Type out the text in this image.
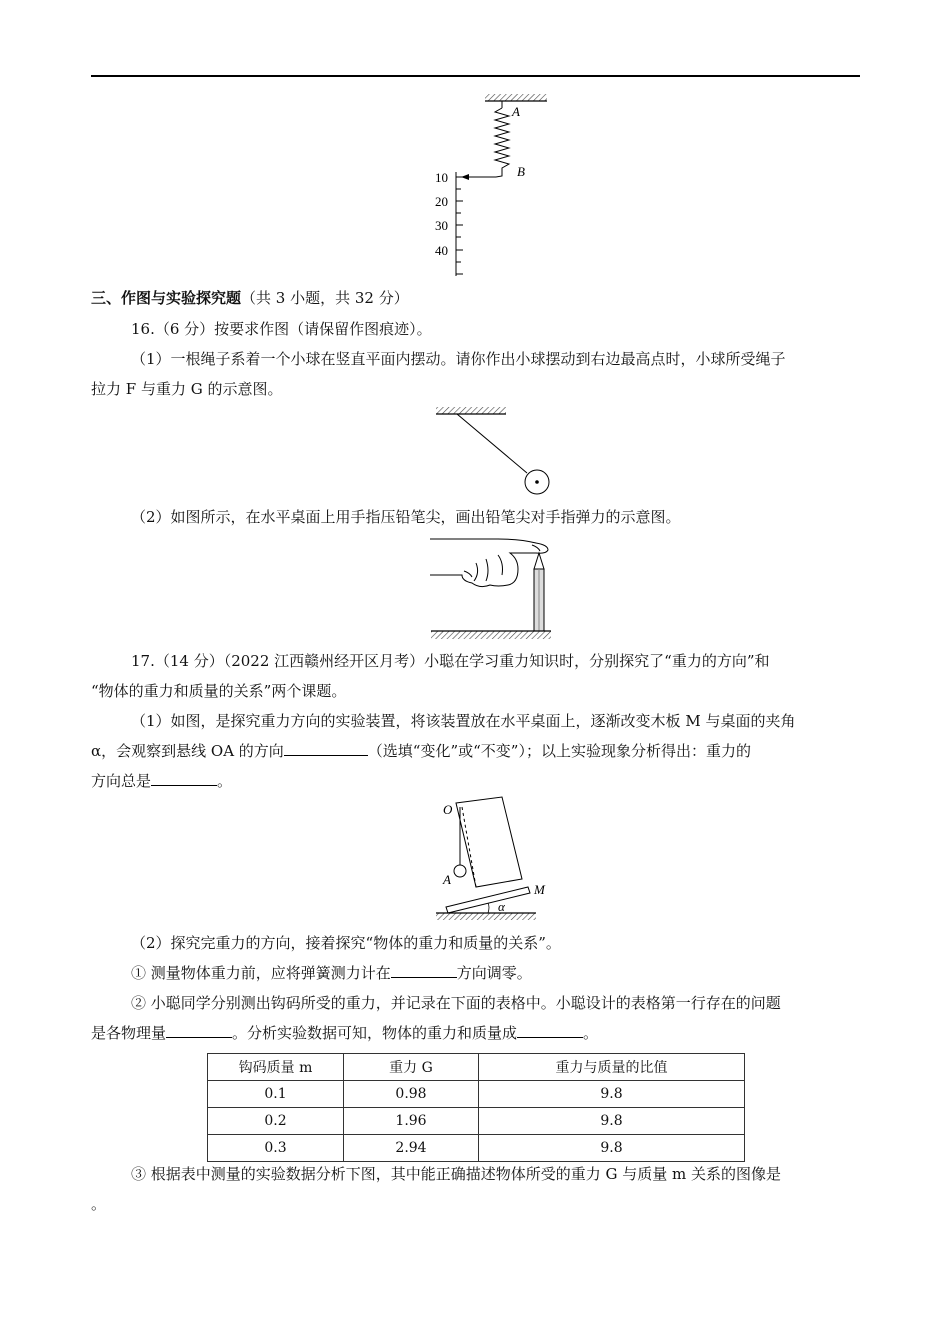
A
B
10
20
30
40
三、作图与实验探究题（共 3 小题，共 32 分）
16.（6 分）按要求作图（请保留作图痕迹）。
（1）一根绳子系着一个小球在竖直平面内摆动。请你作出小球摆动到右边最高点时，小球所受绳子
拉力 F 与重力 G 的示意图。
（2）如图所示，在水平桌面上用手指压铅笔尖，画出铅笔尖对手指弹力的示意图。
17.（14 分）（2022 江西赣州经开区月考）小聪在学习重力知识时，分别探究了“重力的方向”和
“物体的重力和质量的关系”两个课题。
（1）如图，是探究重力方向的实验装置，将该装置放在水平桌面上，逐渐改变木板 M 与桌面的夹角
α，会观察到悬线 OA 的方向	（选填“变化”或“不变”）；以上实验现象分析得出：重力的
方向总是	。
O
A
M
α
（2）探究完重力的方向，接着探究“物体的重力和质量的关系”。
① 测量物体重力前，应将弹簧测力计在	方向调零。
② 小聪同学分别测出钩码所受的重力，并记录在下面的表格中。小聪设计的表格第一行存在的问题
是各物理量	。分析实验数据可知，物体的重力和质量成	。
钩码质量 m	重力 G	重力与质量的比值
0.1	0.98	9.8
0.2	1.96	9.8
0.3	2.94	9.8
③ 根据表中测量的实验数据分析下图，其中能正确描述物体所受的重力 G 与质量 m 关系的图像是
。
